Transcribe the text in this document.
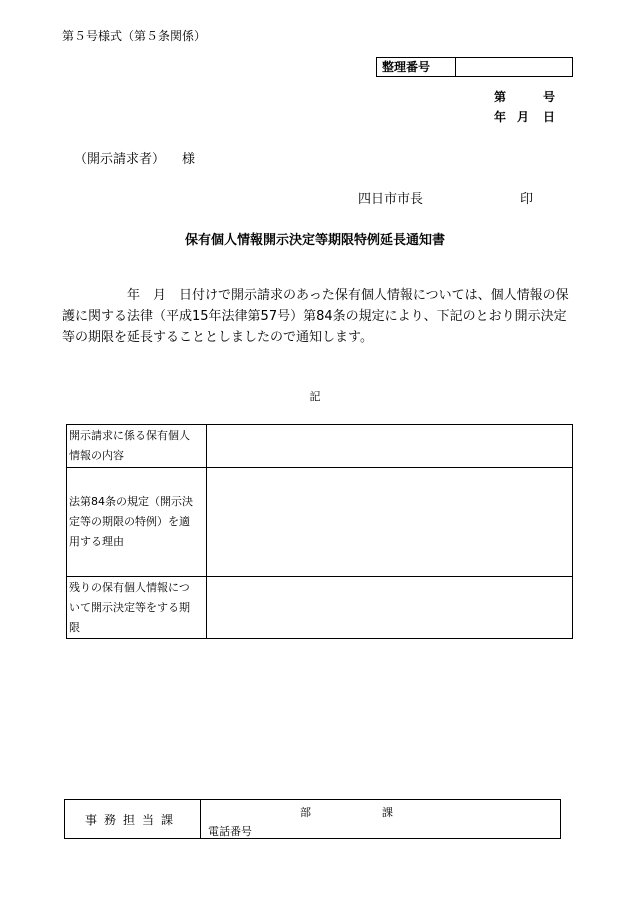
第５号様式（第５条関係）
整理番号
第	号
年 月 日
（開示請求者） 様
四日市市長	印
保有個人情報開示決定等期限特例延長通知書
　　　　　年　月　日付けで開示請求のあった保有個人情報については、個人情報の保
護に関する法律（平成15年法律第57号）第84条の規定により、下記のとおり開示決定
等の期限を延長することとしましたので通知します。
記
開示請求に係る保有個人
情報の内容	

法第84条の規定（開示決
定等の期限の特例）を適
用する理由	

残りの保有個人情報につ
いて開示決定等をする期
限	

事務担当課	部	課
電話番号
